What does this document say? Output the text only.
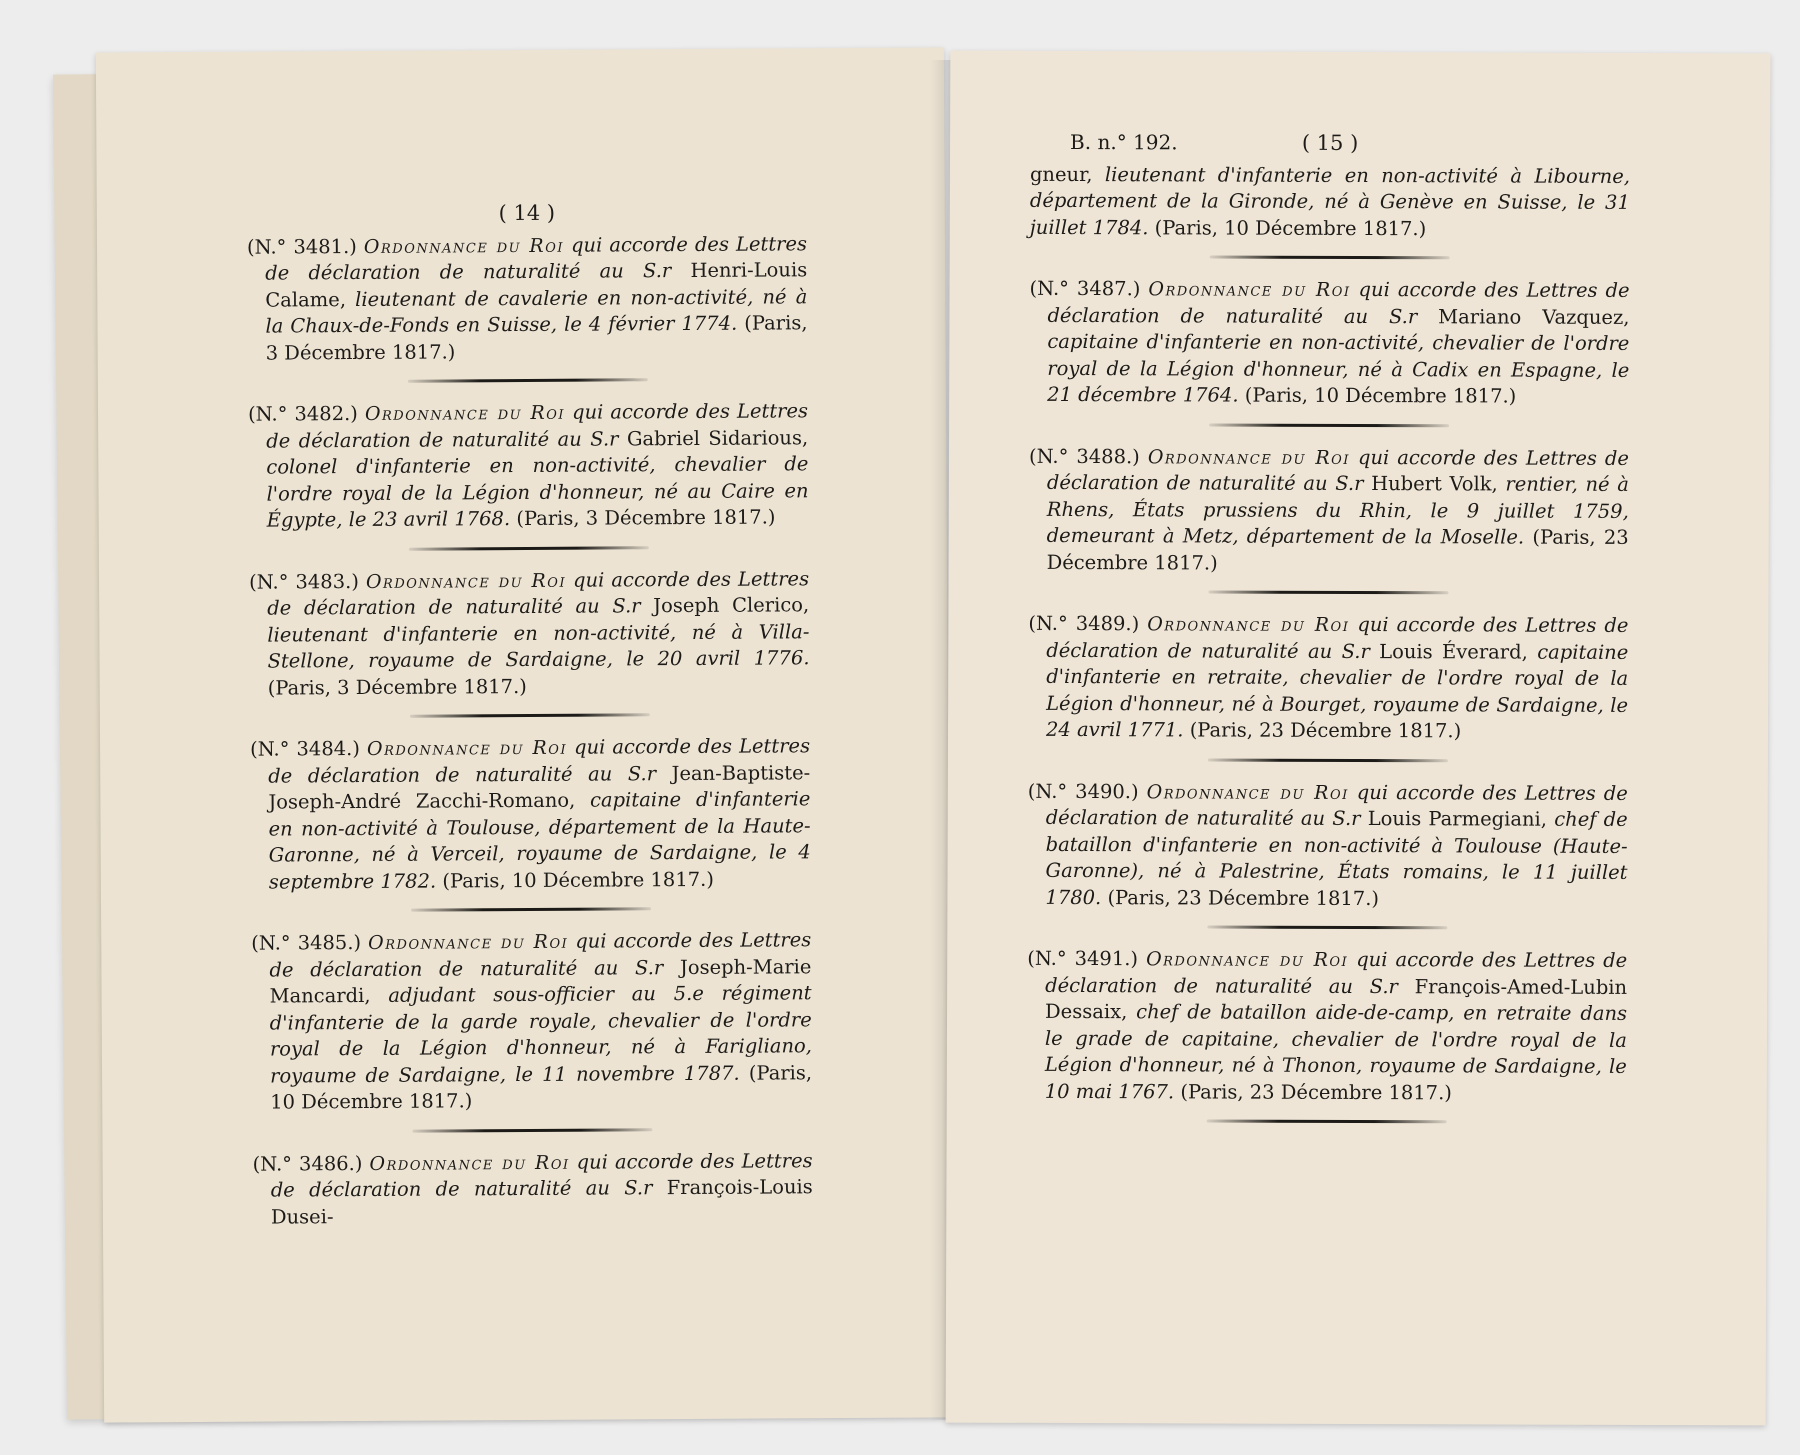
( 14 )

(N.° 3481.) Ordonnance du Roi qui accorde des Lettres de déclaration de naturalité au S.r Henri-Louis Calame, lieutenant de cavalerie en non-activité, né à la Chaux-de-Fonds en Suisse, le 4 février 1774. (Paris, 3 Décembre 1817.)

(N.° 3482.) Ordonnance du Roi qui accorde des Lettres de déclaration de naturalité au S.r Gabriel Sidarious, colonel d'infanterie en non-activité, chevalier de l'ordre royal de la Légion d'honneur, né au Caire en Égypte, le 23 avril 1768. (Paris, 3 Décembre 1817.)

(N.° 3483.) Ordonnance du Roi qui accorde des Lettres de déclaration de naturalité au S.r Joseph Clerico, lieutenant d'infanterie en non-activité, né à Villa-Stellone, royaume de Sardaigne, le 20 avril 1776. (Paris, 3 Décembre 1817.)

(N.° 3484.) Ordonnance du Roi qui accorde des Lettres de déclaration de naturalité au S.r Jean-Baptiste-Joseph-André Zacchi-Romano, capitaine d'infanterie en non-activité à Toulouse, département de la Haute-Garonne, né à Verceil, royaume de Sardaigne, le 4 septembre 1782. (Paris, 10 Décembre 1817.)

(N.° 3485.) Ordonnance du Roi qui accorde des Lettres de déclaration de naturalité au S.r Joseph-Marie Mancardi, adjudant sous-officier au 5.e régiment d'infanterie de la garde royale, chevalier de l'ordre royal de la Légion d'honneur, né à Farigliano, royaume de Sardaigne, le 11 novembre 1787. (Paris, 10 Décembre 1817.)

(N.° 3486.) Ordonnance du Roi qui accorde des Lettres de déclaration de naturalité au S.r François-Louis Dusei-

B. n.° 192.	( 15 )

gneur, lieutenant d'infanterie en non-activité à Libourne, département de la Gironde, né à Genève en Suisse, le 31 juillet 1784. (Paris, 10 Décembre 1817.)

(N.° 3487.) Ordonnance du Roi qui accorde des Lettres de déclaration de naturalité au S.r Mariano Vazquez, capitaine d'infanterie en non-activité, chevalier de l'ordre royal de la Légion d'honneur, né à Cadix en Espagne, le 21 décembre 1764. (Paris, 10 Décembre 1817.)

(N.° 3488.) Ordonnance du Roi qui accorde des Lettres de déclaration de naturalité au S.r Hubert Volk, rentier, né à Rhens, États prussiens du Rhin, le 9 juillet 1759, demeurant à Metz, département de la Moselle. (Paris, 23 Décembre 1817.)

(N.° 3489.) Ordonnance du Roi qui accorde des Lettres de déclaration de naturalité au S.r Louis Éverard, capitaine d'infanterie en retraite, chevalier de l'ordre royal de la Légion d'honneur, né à Bourget, royaume de Sardaigne, le 24 avril 1771. (Paris, 23 Décembre 1817.)

(N.° 3490.) Ordonnance du Roi qui accorde des Lettres de déclaration de naturalité au S.r Louis Parmegiani, chef de bataillon d'infanterie en non-activité à Toulouse (Haute-Garonne), né à Palestrine, États romains, le 11 juillet 1780. (Paris, 23 Décembre 1817.)

(N.° 3491.) Ordonnance du Roi qui accorde des Lettres de déclaration de naturalité au S.r François-Amed-Lubin Dessaix, chef de bataillon aide-de-camp, en retraite dans le grade de capitaine, chevalier de l'ordre royal de la Légion d'honneur, né à Thonon, royaume de Sardaigne, le 10 mai 1767. (Paris, 23 Décembre 1817.)
